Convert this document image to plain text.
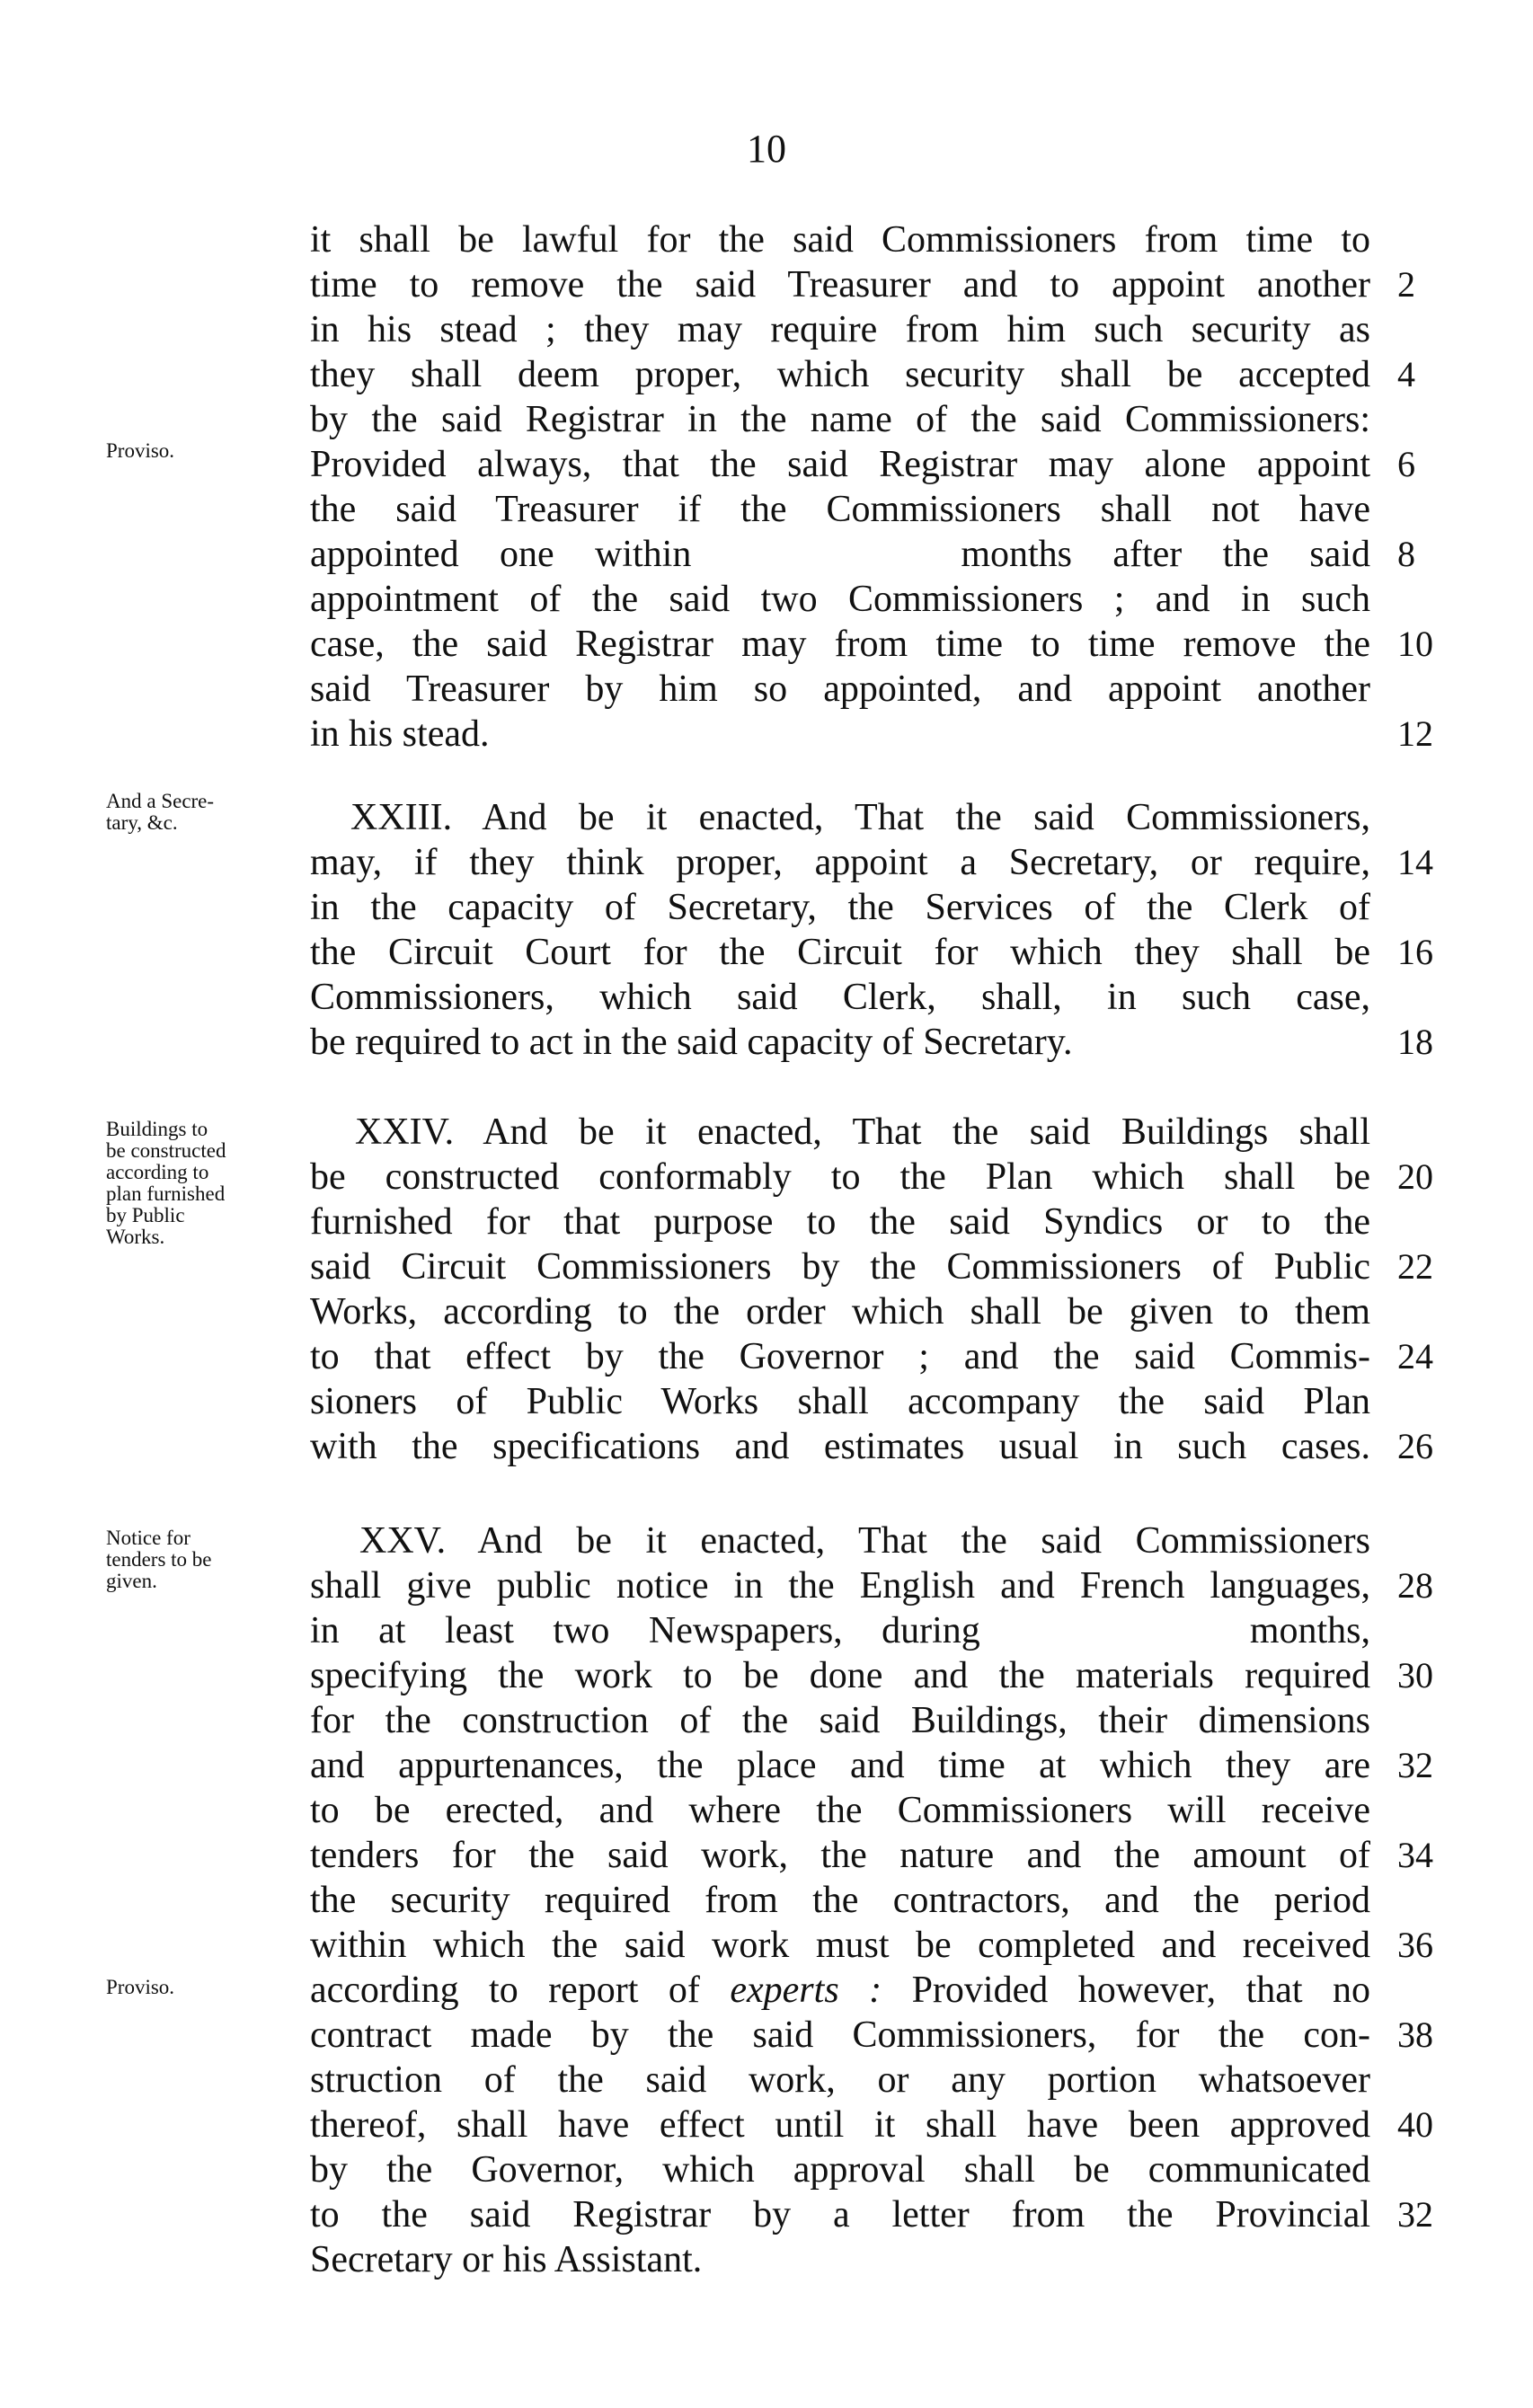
10
Proviso.
And a Secre-
tary, &c.
Buildings to
be constructed
according to
plan furnished
by Public
Works.
Notice for
tenders to be
given.
Proviso.
it shall be lawful for the said Commissioners from time to
time to remove the said Treasurer and to appoint another 2
in his stead ; they may require from him such security as
they shall deem proper, which security shall be accepted 4
by the said Registrar in the name of the said Commissioners:
Provided always, that the said Registrar may alone appoint 6
the said Treasurer if the Commissioners shall not have
appointed one within	months after the said 8
appointment of the said two Commissioners ; and in such
case, the said Registrar may from time to time remove the 10
said Treasurer by him so appointed, and appoint another
in his stead.	12
XXIII. And be it enacted, That the said Commissioners,
may, if they think proper, appoint a Secretary, or require, 14
in the capacity of Secretary, the Services of the Clerk of
the Circuit Court for the Circuit for which they shall be 16
Commissioners, which said Clerk, shall, in such case,
be required to act in the said capacity of Secretary.	18
XXIV. And be it enacted, That the said Buildings shall
be constructed conformably to the Plan which shall be 20
furnished for that purpose to the said Syndics or to the
said Circuit Commissioners by the Commissioners of Public 22
Works, according to the order which shall be given to them
to that effect by the Governor ; and the said Commis- 24
sioners of Public Works shall accompany the said Plan
with the specifications and estimates usual in such cases. 26
XXV. And be it enacted, That the said Commissioners
shall give public notice in the English and French languages, 28
in at least two Newspapers, during	months,
specifying the work to be done and the materials required 30
for the construction of the said Buildings, their dimensions
and appurtenances, the place and time at which they are 32
to be erected, and where the Commissioners will receive
tenders for the said work, the nature and the amount of 34
the security required from the contractors, and the period
within which the said work must be completed and received 36
according to report of experts : Provided however, that no
contract made by the said Commissioners, for the con- 38
struction of the said work, or any portion whatsoever
thereof, shall have effect until it shall have been approved 40
by the Governor, which approval shall be communicated
to the said Registrar by a letter from the Provincial 32
Secretary or his Assistant.
